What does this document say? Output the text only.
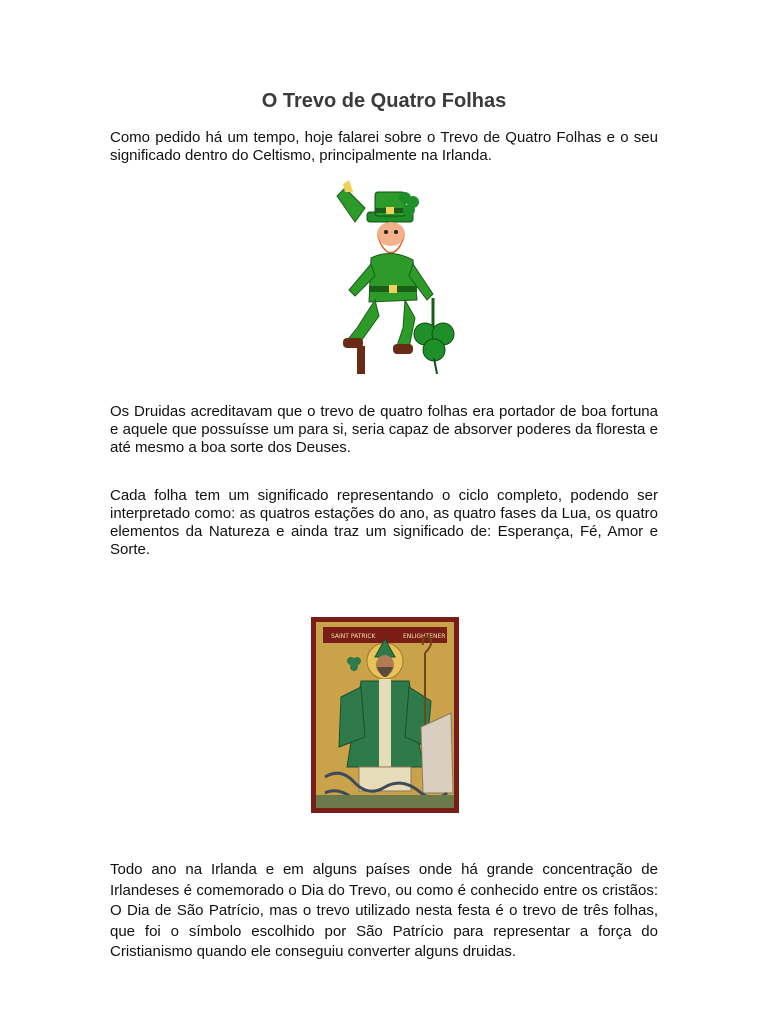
O Trevo de Quatro Folhas

Como pedido há um tempo, hoje falarei sobre o Trevo de Quatro Folhas e o seu significado dentro do Celtismo, principalmente na Irlanda.

Os Druidas acreditavam que o trevo de quatro folhas era portador de boa fortuna e aquele que possuísse um para si, seria capaz de absorver poderes da floresta e até mesmo a boa sorte dos Deuses.

Cada folha tem um significado representando o ciclo completo, podendo ser interpretado como: as quatros estações do ano, as quatro fases da Lua, os quatro elementos da Natureza e ainda traz um significado de: Esperança, Fé, Amor e Sorte.

SAINT PATRICK	ENLIGHTENER

Todo ano na Irlanda e em alguns países onde há grande concentração de Irlandeses é comemorado o Dia do Trevo, ou como é conhecido entre os cristãos: O Dia de São Patrício, mas o trevo utilizado nesta festa é o trevo de três folhas, que foi o símbolo escolhido por São Patrício para representar a força do Cristianismo quando ele conseguiu converter alguns druidas.
